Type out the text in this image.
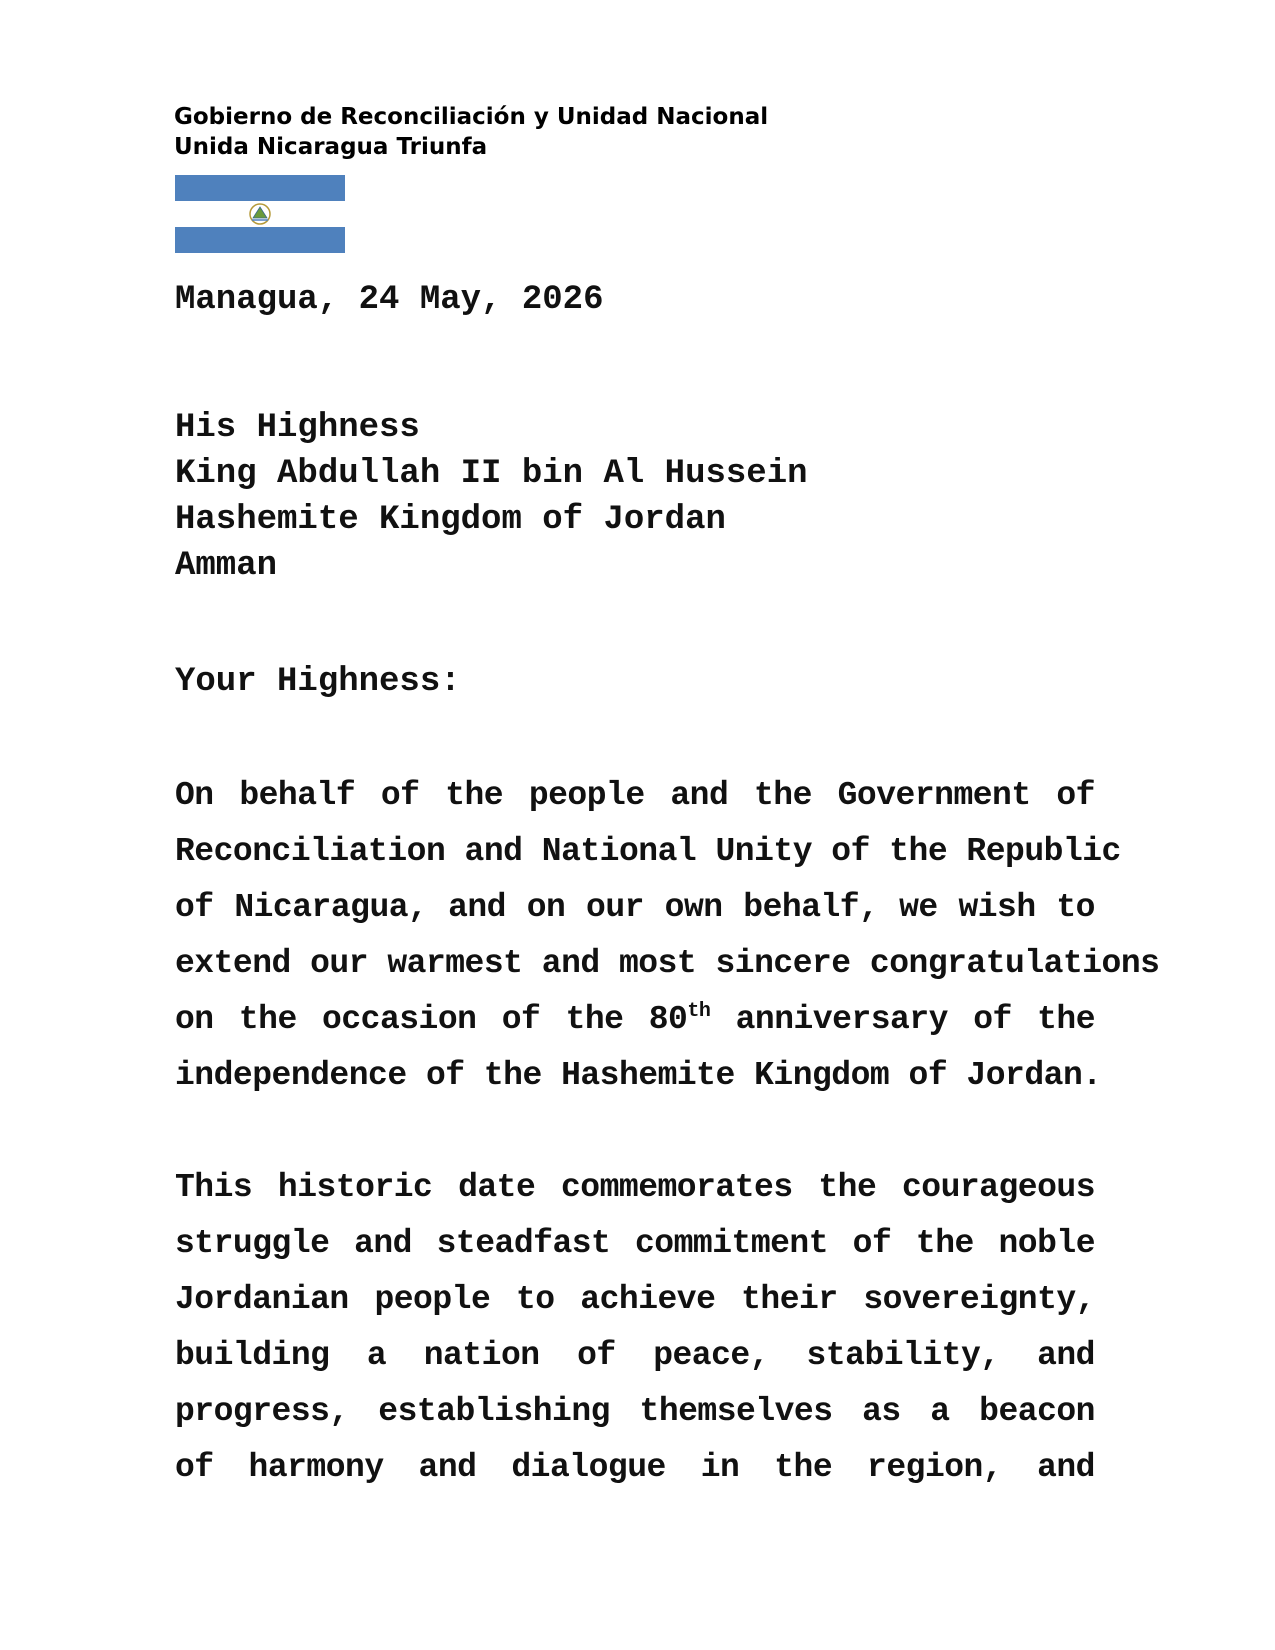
Gobierno de Reconciliación y Unidad Nacional
Unida Nicaragua Triunfa
Managua, 24 May, 2026
His Highness
King Abdullah II bin Al Hussein
Hashemite Kingdom of Jordan
Amman
Your Highness:
On behalf of the people and the Government of
Reconciliation and National Unity of the Republic
of Nicaragua, and on our own behalf, we wish to
extend our warmest and most sincere congratulations
on the occasion of the 80th anniversary of the
independence of the Hashemite Kingdom of Jordan.
This historic date commemorates the courageous
struggle and steadfast commitment of the noble
Jordanian people to achieve their sovereignty,
building a nation of peace, stability, and
progress, establishing themselves as a beacon
of harmony and dialogue in the region, and
